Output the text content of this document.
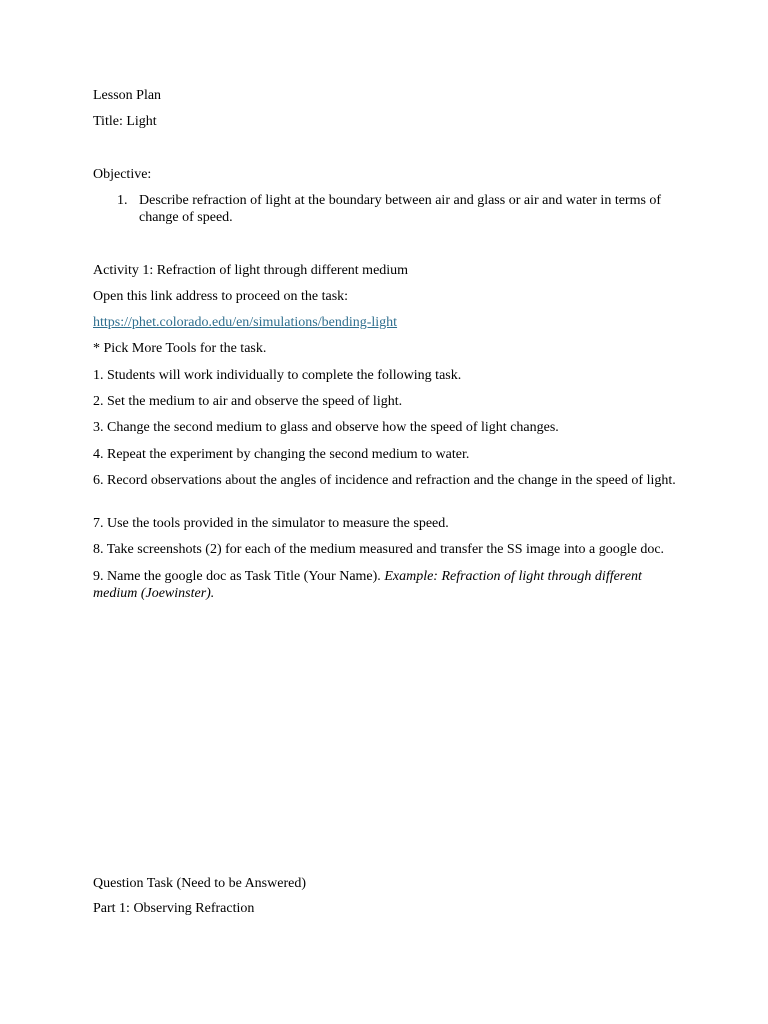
Lesson Plan

Title: Light

Objective:

1. Describe refraction of light at the boundary between air and glass or air and water in terms of change of speed.

Activity 1: Refraction of light through different medium

Open this link address to proceed on the task:

https://phet.colorado.edu/en/simulations/bending-light

* Pick More Tools for the task.

1. Students will work individually to complete the following task.

2. Set the medium to air and observe the speed of light.

3. Change the second medium to glass and observe how the speed of light changes.

4. Repeat the experiment by changing the second medium to water.

6. Record observations about the angles of incidence and refraction and the change in the speed of light.

7. Use the tools provided in the simulator to measure the speed.

8. Take screenshots (2) for each of the medium measured and transfer the SS image into a google doc.

9. Name the google doc as Task Title (Your Name). Example: Refraction of light through different medium (Joewinster).

Question Task (Need to be Answered)

Part 1: Observing Refraction
